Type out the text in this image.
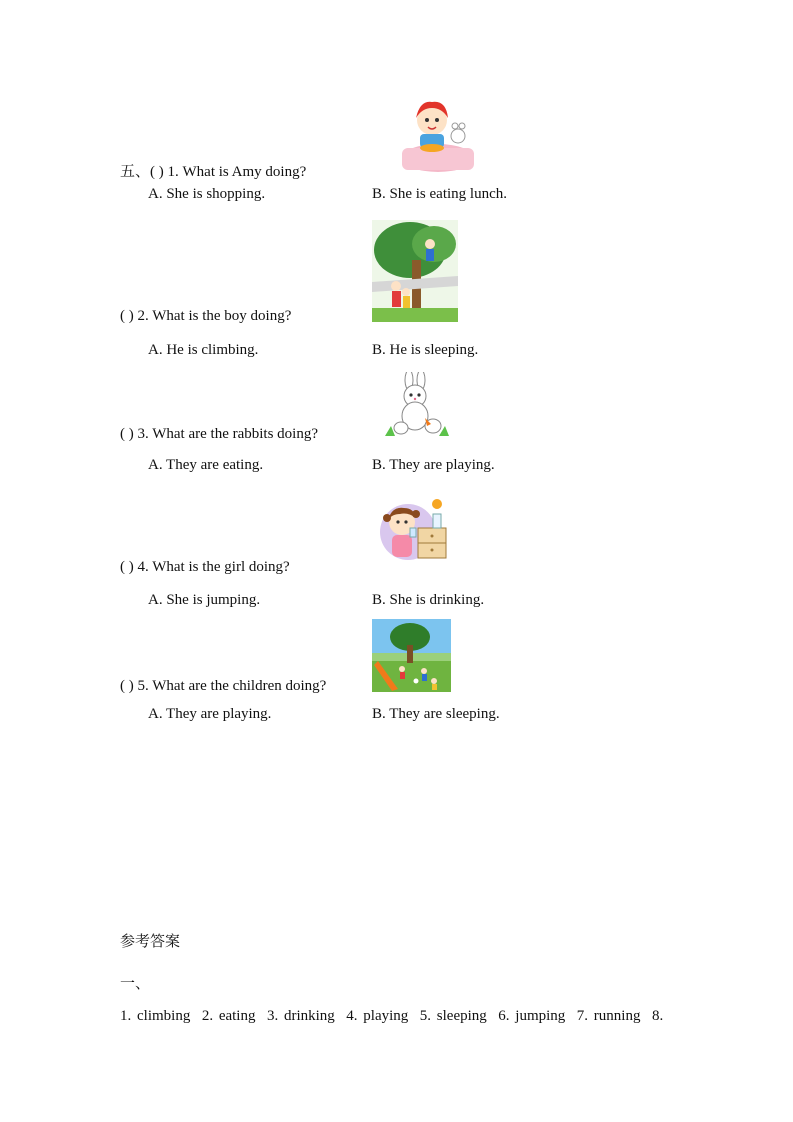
五、( ) 1. What is Amy doing?
A. She is shopping.	B. She is eating lunch.
( ) 2. What is the boy doing?
A. He is climbing.	B. He is sleeping.
( ) 3. What are the rabbits doing?
A. They are eating.	B. They are playing.
( ) 4. What is the girl doing?
A. She is jumping.	B. She is drinking.
( ) 5. What are the children doing?
A. They are playing.	B. They are sleeping.
参考答案
一、
1. climbing  2. eating  3. drinking  4. playing  5. sleeping  6. jumping  7. running  8.
